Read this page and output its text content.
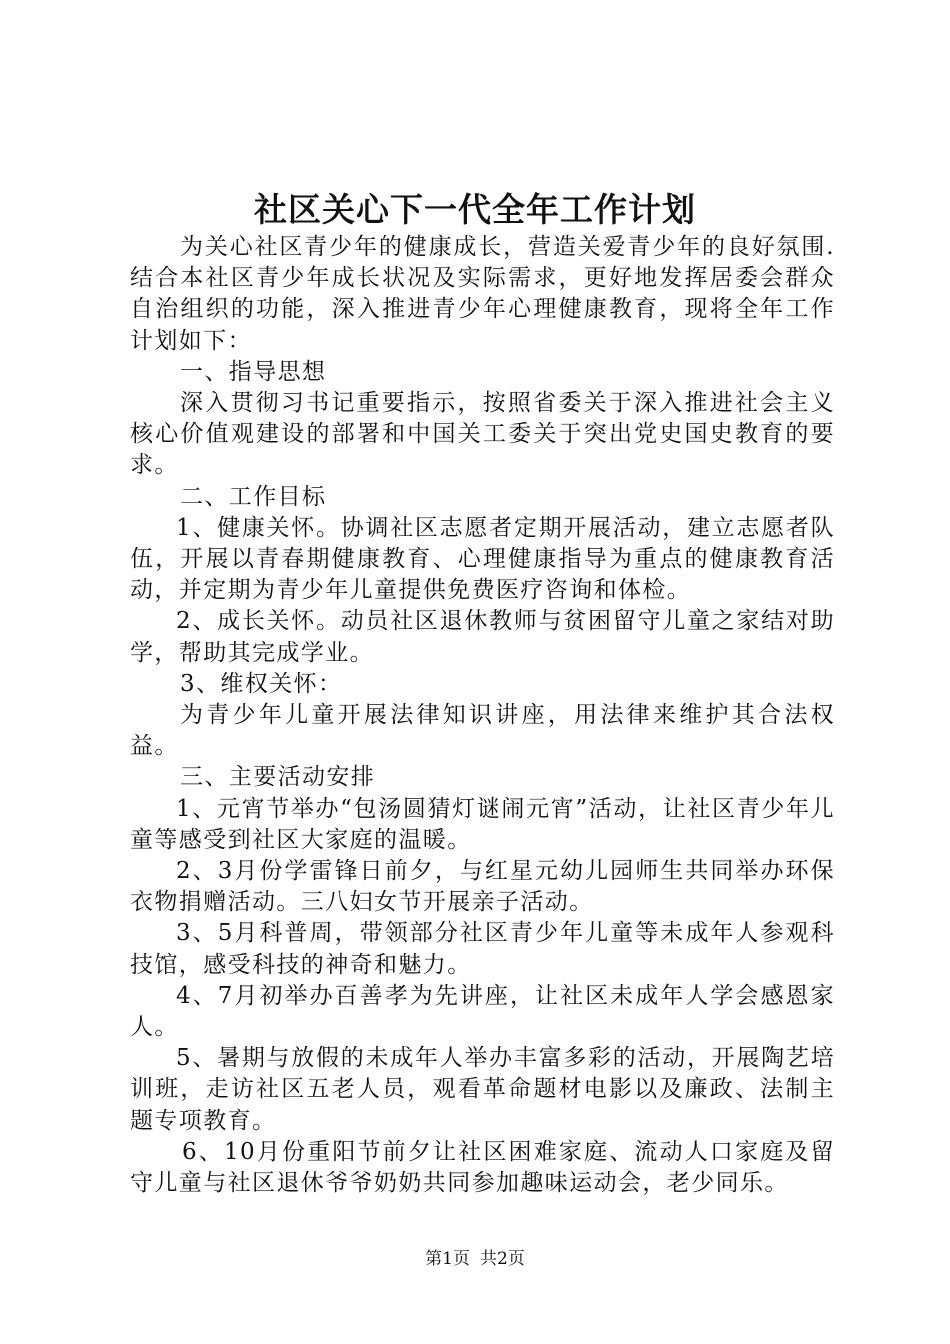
社区关心下一代全年工作计划

为关心社区青少年的健康成长，营造关爱青少年的良好氛围.结合本社区青少年成长状况及实际需求，更好地发挥居委会群众自治组织的功能，深入推进青少年心理健康教育，现将全年工作计划如下：

一、指导思想

深入贯彻习书记重要指示，按照省委关于深入推进社会主义核心价值观建设的部署和中国关工委关于突出党史国史教育的要求。

二、工作目标

1、健康关怀。协调社区志愿者定期开展活动，建立志愿者队伍，开展以青春期健康教育、心理健康指导为重点的健康教育活动，并定期为青少年儿童提供免费医疗咨询和体检。

2、成长关怀。动员社区退休教师与贫困留守儿童之家结对助学，帮助其完成学业。

3、维权关怀：

为青少年儿童开展法律知识讲座，用法律来维护其合法权益。

三、主要活动安排

1、元宵节举办“包汤圆猜灯谜闹元宵”活动，让社区青少年儿童等感受到社区大家庭的温暖。

2、3月份学雷锋日前夕，与红星元幼儿园师生共同举办环保衣物捐赠活动。三八妇女节开展亲子活动。

3、5月科普周，带领部分社区青少年儿童等未成年人参观科技馆，感受科技的神奇和魅力。

4、7月初举办百善孝为先讲座，让社区未成年人学会感恩家人。

5、暑期与放假的未成年人举办丰富多彩的活动，开展陶艺培训班，走访社区五老人员，观看革命题材电影以及廉政、法制主题专项教育。

6、10月份重阳节前夕让社区困难家庭、流动人口家庭及留守儿童与社区退休爷爷奶奶共同参加趣味运动会，老少同乐。

第1页 共2页
